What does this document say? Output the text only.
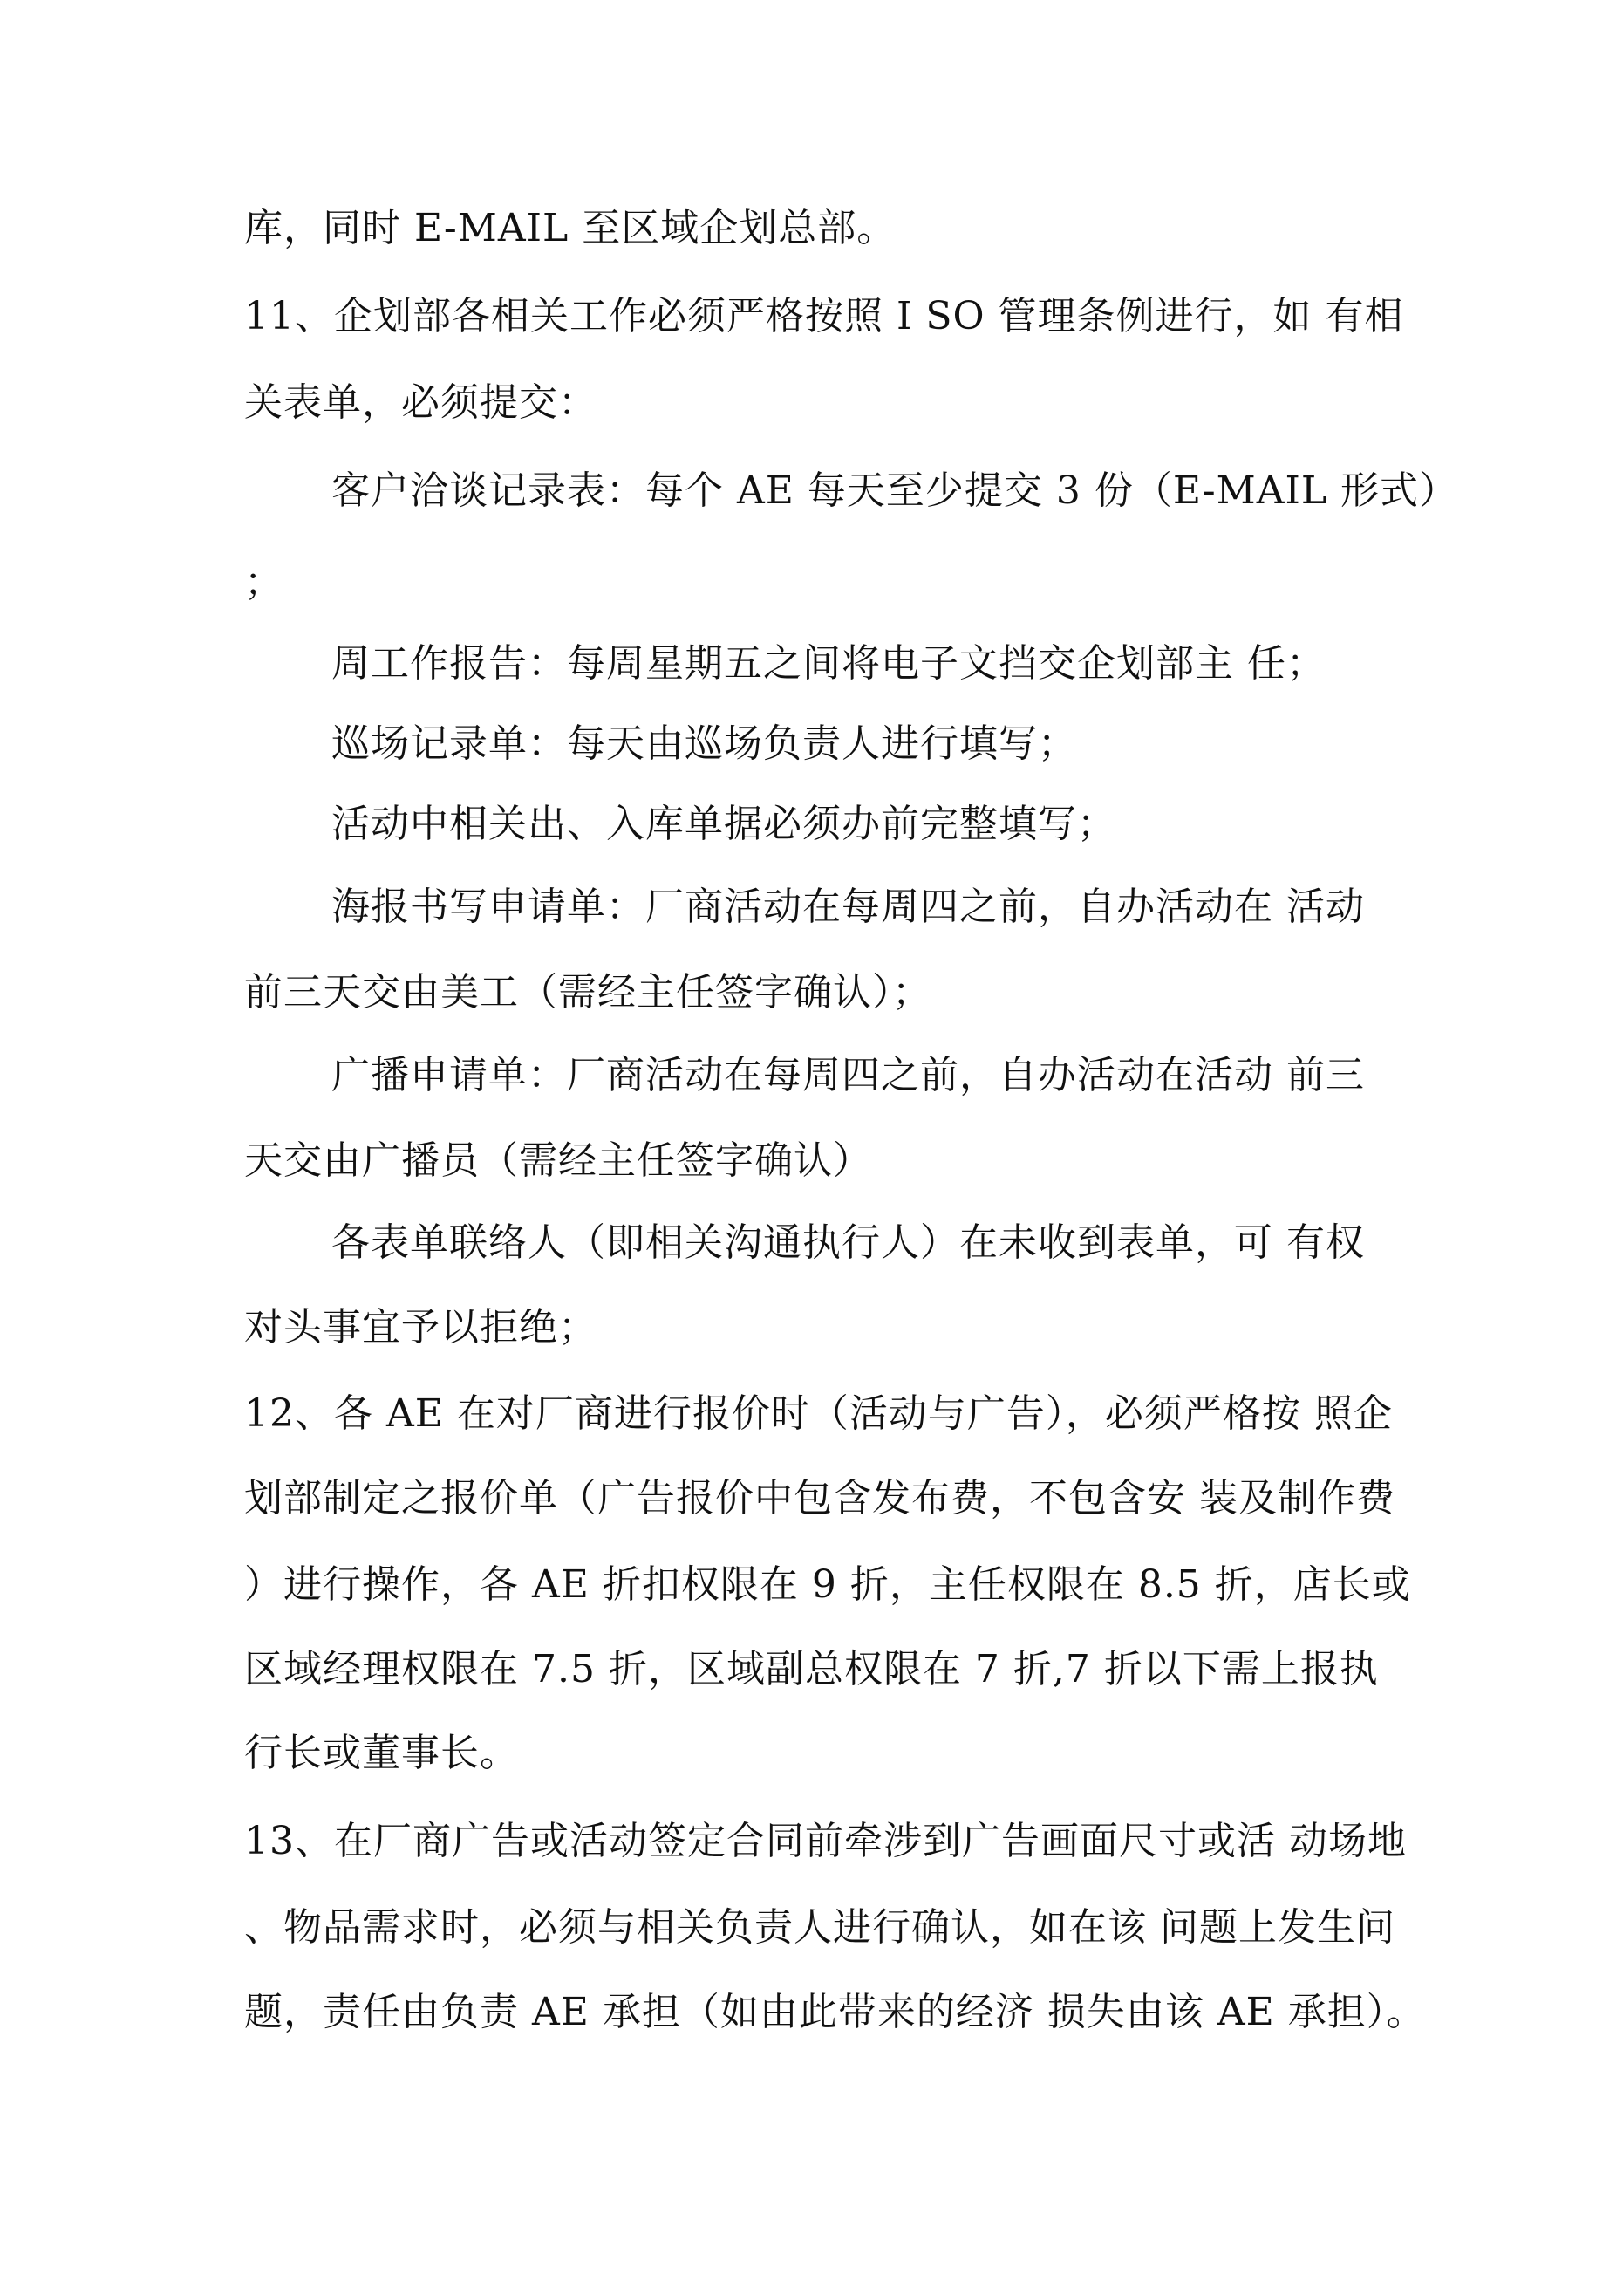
库，同时 E-MAIL 至区域企划总部。
11、企划部各相关工作必须严格按照 I SO 管理条例进行，如 有相
关表单，必须提交：
客户洽谈记录表：每个 AE 每天至少提交 3 份（E-MAIL 形式）
；
周工作报告：每周星期五之间将电子文挡交企划部主 任；
巡场记录单：每天由巡场负责人进行填写；
活动中相关出、入库单据必须办前完整填写；
海报书写申请单：厂商活动在每周四之前，自办活动在 活动
前三天交由美工（需经主任签字确认）；
广播申请单：厂商活动在每周四之前，自办活动在活动 前三
天交由广播员（需经主任签字确认）
各表单联络人（即相关沟通执行人）在未收到表单，可 有权
对头事宜予以拒绝；
12、各 AE 在对厂商进行报价时（活动与广告），必须严格按 照企
划部制定之报价单（广告报价中包含发布费，不包含安 装及制作费
）进行操作，各 AE 折扣权限在 9 折，主任权限在 8.5 折，店长或
区域经理权限在 7.5 折，区域副总权限在 7 折,7 折以下需上报执
行长或董事长。
13、在厂商广告或活动签定合同前牵涉到广告画面尺寸或活 动场地
、物品需求时，必须与相关负责人进行确认，如在该 问题上发生问
题，责任由负责 AE 承担（如由此带来的经济 损失由该 AE 承担）。
